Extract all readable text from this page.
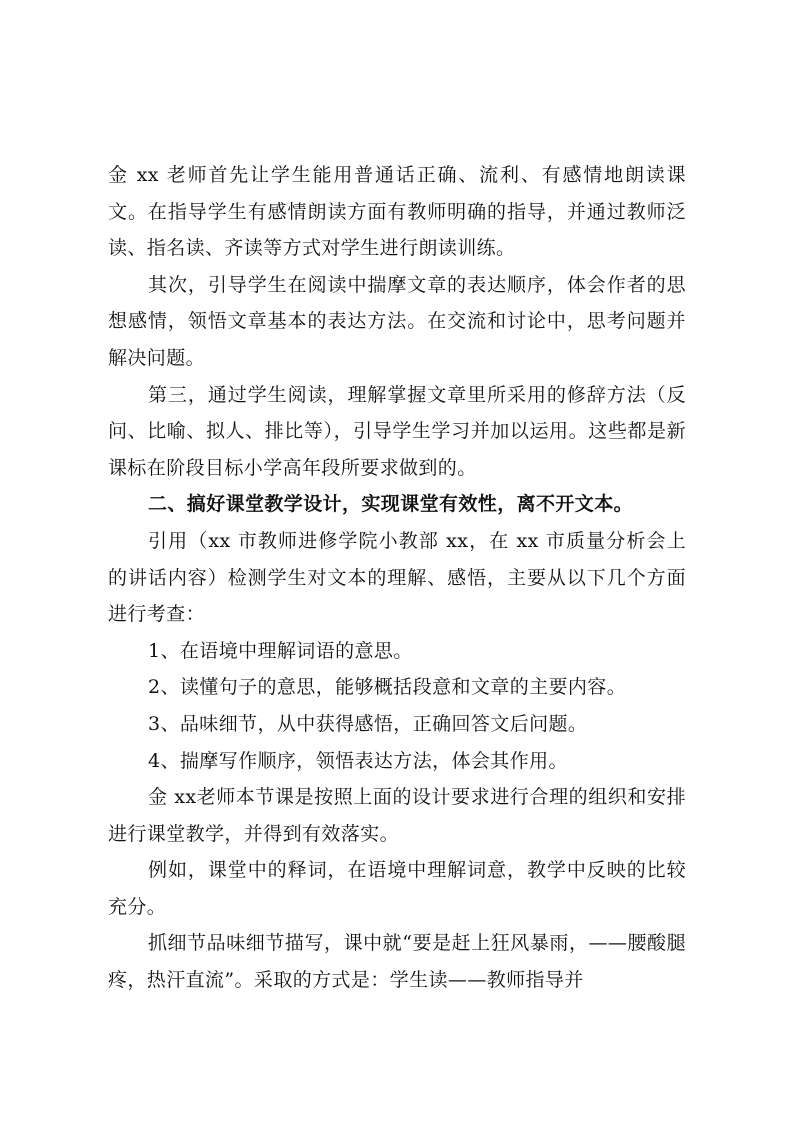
金 xx 老师首先让学生能用普通话正确、流利、有感情地朗读课文。在指导学生有感情朗读方面有教师明确的指导，并通过教师泛读、指名读、齐读等方式对学生进行朗读训练。

其次，引导学生在阅读中揣摩文章的表达顺序，体会作者的思想感情，领悟文章基本的表达方法。在交流和讨论中，思考问题并解决问题。

第三，通过学生阅读，理解掌握文章里所采用的修辞方法（反问、比喻、拟人、排比等），引导学生学习并加以运用。这些都是新课标在阶段目标小学高年段所要求做到的。

二、搞好课堂教学设计，实现课堂有效性，离不开文本。

引用（xx 市教师进修学院小教部 xx，在 xx 市质量分析会上的讲话内容）检测学生对文本的理解、感悟，主要从以下几个方面进行考查：

1、在语境中理解词语的意思。

2、读懂句子的意思，能够概括段意和文章的主要内容。

3、品味细节，从中获得感悟，正确回答文后问题。

4、揣摩写作顺序，领悟表达方法，体会其作用。

金 xx老师本节课是按照上面的设计要求进行合理的组织和安排进行课堂教学，并得到有效落实。

例如，课堂中的释词，在语境中理解词意，教学中反映的比较充分。

抓细节品味细节描写，课中就“要是赶上狂风暴雨，——腰酸腿疼，热汗直流”。采取的方式是：学生读——教师指导并
